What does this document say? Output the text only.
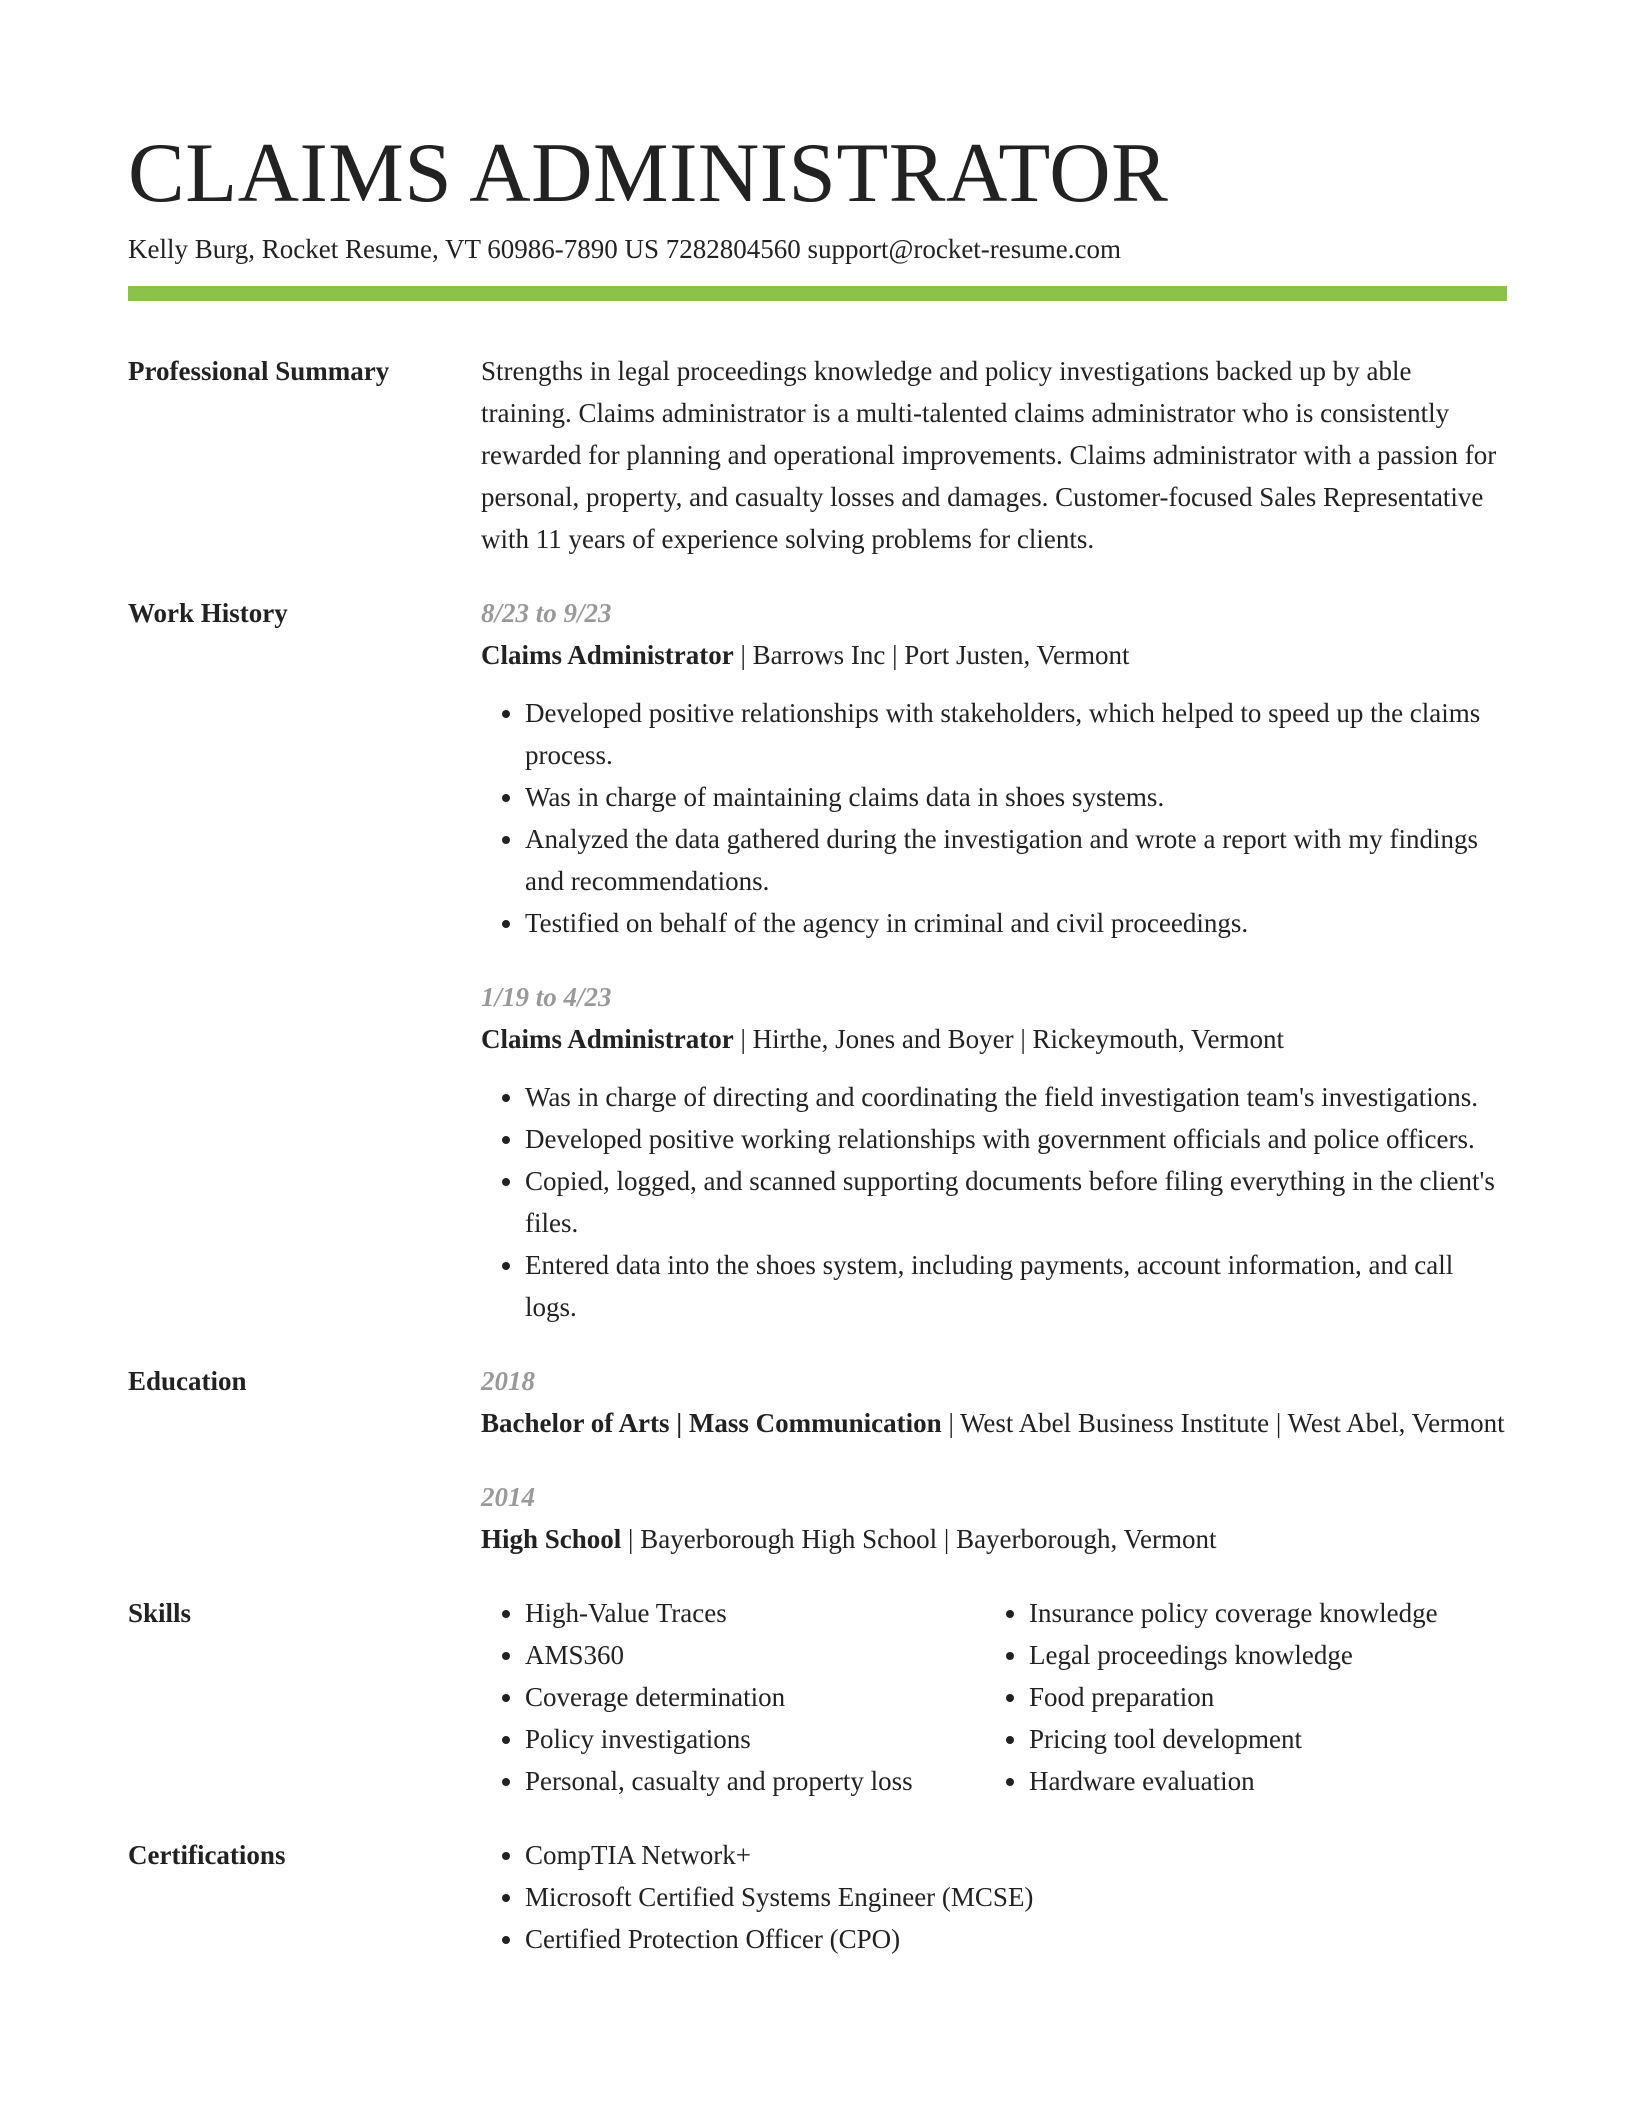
CLAIMS ADMINISTRATOR
Kelly Burg, Rocket Resume, VT 60986-7890 US 7282804560 support@rocket-resume.com
Professional Summary	Strengths in legal proceedings knowledge and policy investigations backed up by able training. Claims administrator is a multi-talented claims administrator who is consistently rewarded for planning and operational improvements. Claims administrator with a passion for personal, property, and casualty losses and damages. Customer-focused Sales Representative with 11 years of experience solving problems for clients.

Work History	8/23 to 9/23
Claims Administrator | Barrows Inc | Port Justen, Vermont
• Developed positive relationships with stakeholders, which helped to speed up the claims process.
• Was in charge of maintaining claims data in shoes systems.
• Analyzed the data gathered during the investigation and wrote a report with my findings and recommendations.
• Testified on behalf of the agency in criminal and civil proceedings.
1/19 to 4/23
Claims Administrator | Hirthe, Jones and Boyer | Rickeymouth, Vermont
• Was in charge of directing and coordinating the field investigation team's investigations.
• Developed positive working relationships with government officials and police officers.
• Copied, logged, and scanned supporting documents before filing everything in the client's files.
• Entered data into the shoes system, including payments, account information, and call logs.
Education	2018
Bachelor of Arts | Mass Communication | West Abel Business Institute | West Abel, Vermont
2014
High School | Bayerborough High School | Bayerborough, Vermont
Skills	• High-Value Traces
• AMS360
• Coverage determination
• Policy investigations
• Personal, casualty and property loss
• Insurance policy coverage knowledge
• Legal proceedings knowledge
• Food preparation
• Pricing tool development
• Hardware evaluation
Certifications	• CompTIA Network+
• Microsoft Certified Systems Engineer (MCSE)
• Certified Protection Officer (CPO)
